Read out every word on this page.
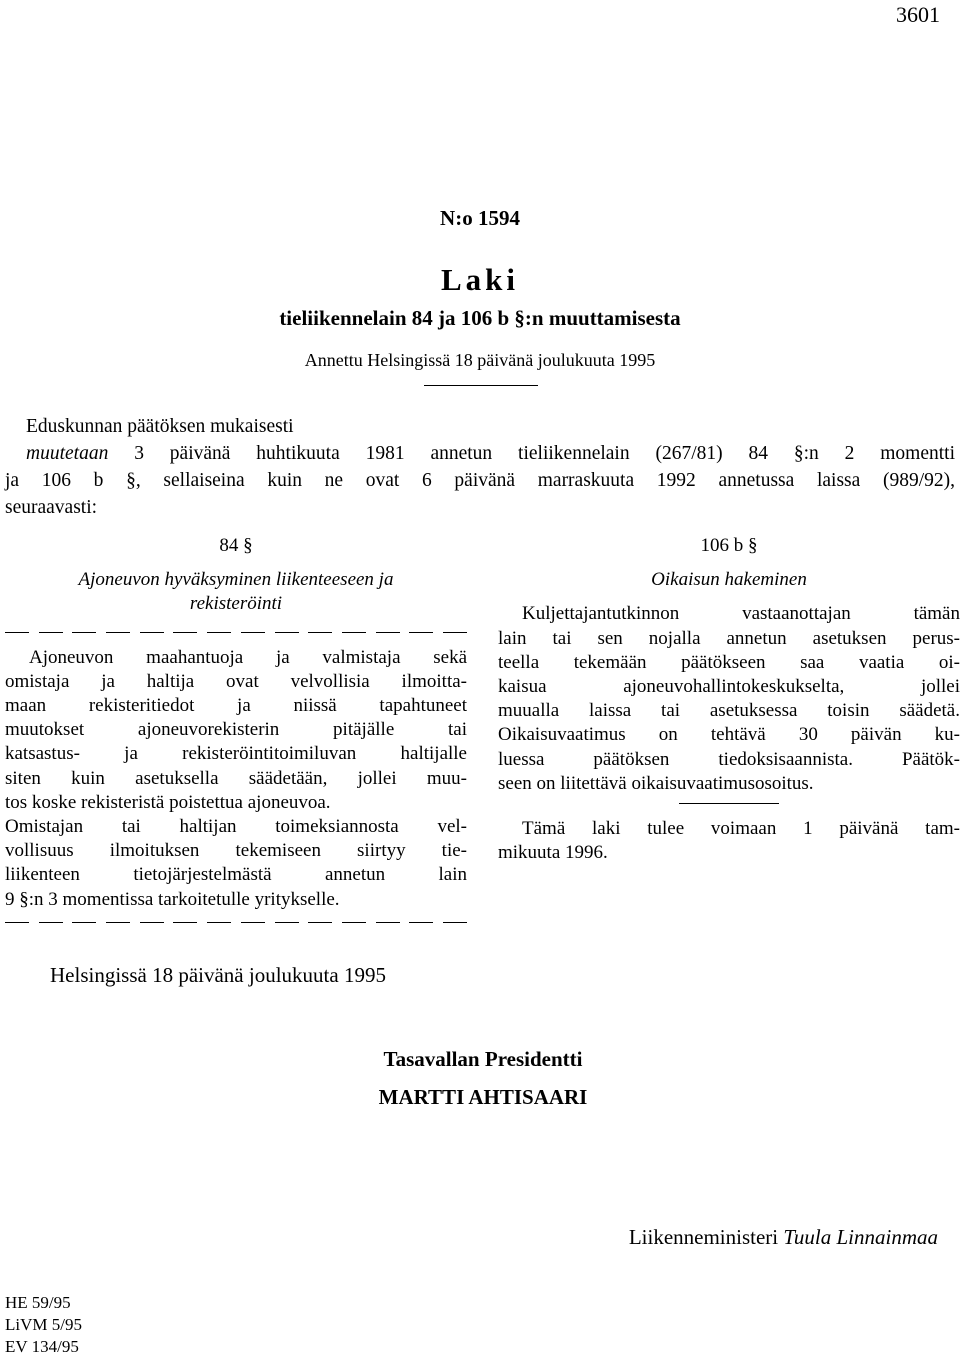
3601
N:o 1594
Laki
tieliikennelain 84 ja 106 b §:n muuttamisesta
Annettu Helsingissä 18 päivänä joulukuuta 1995
Eduskunnan päätöksen mukaisesti
muutetaan 3 päivänä huhtikuuta 1981 annetun tieliikennelain (267/81) 84 §:n 2 momentti
ja 106 b §, sellaiseina kuin ne ovat 6 päivänä marraskuuta 1992 annetussa laissa (989/92),
seuraavasti:
84 §
Ajoneuvon hyväksyminen liikenteeseen ja
rekisteröinti
Ajoneuvon maahantuoja ja valmistaja sekä
omistaja ja haltija ovat velvollisia ilmoitta-
maan rekisteritiedot ja niissä tapahtuneet
muutokset ajoneuvorekisterin pitäjälle tai
katsastus- ja rekisteröintitoimiluvan haltijalle
siten kuin asetuksella säädetään, jollei muu-
tos koske rekisteristä poistettua ajoneuvoa.
Omistajan tai haltijan toimeksiannosta vel-
vollisuus ilmoituksen tekemiseen siirtyy tie-
liikenteen tietojärjestelmästä annetun lain
9 §:n 3 momentissa tarkoitetulle yritykselle.
106 b §
Oikaisun hakeminen
Kuljettajantutkinnon vastaanottajan tämän
lain tai sen nojalla annetun asetuksen perus-
teella tekemään päätökseen saa vaatia oi-
kaisua ajoneuvohallintokeskukselta, jollei
muualla laissa tai asetuksessa toisin säädetä.
Oikaisuvaatimus on tehtävä 30 päivän ku-
luessa päätöksen tiedoksisaannista. Päätök-
seen on liitettävä oikaisuvaatimusosoitus.
Tämä laki tulee voimaan 1 päivänä tam-
mikuuta 1996.
Helsingissä 18 päivänä joulukuuta 1995
Tasavallan Presidentti
MARTTI AHTISAARI
Liikenneministeri Tuula Linnainmaa
HE 59/95
LiVM 5/95
EV 134/95
